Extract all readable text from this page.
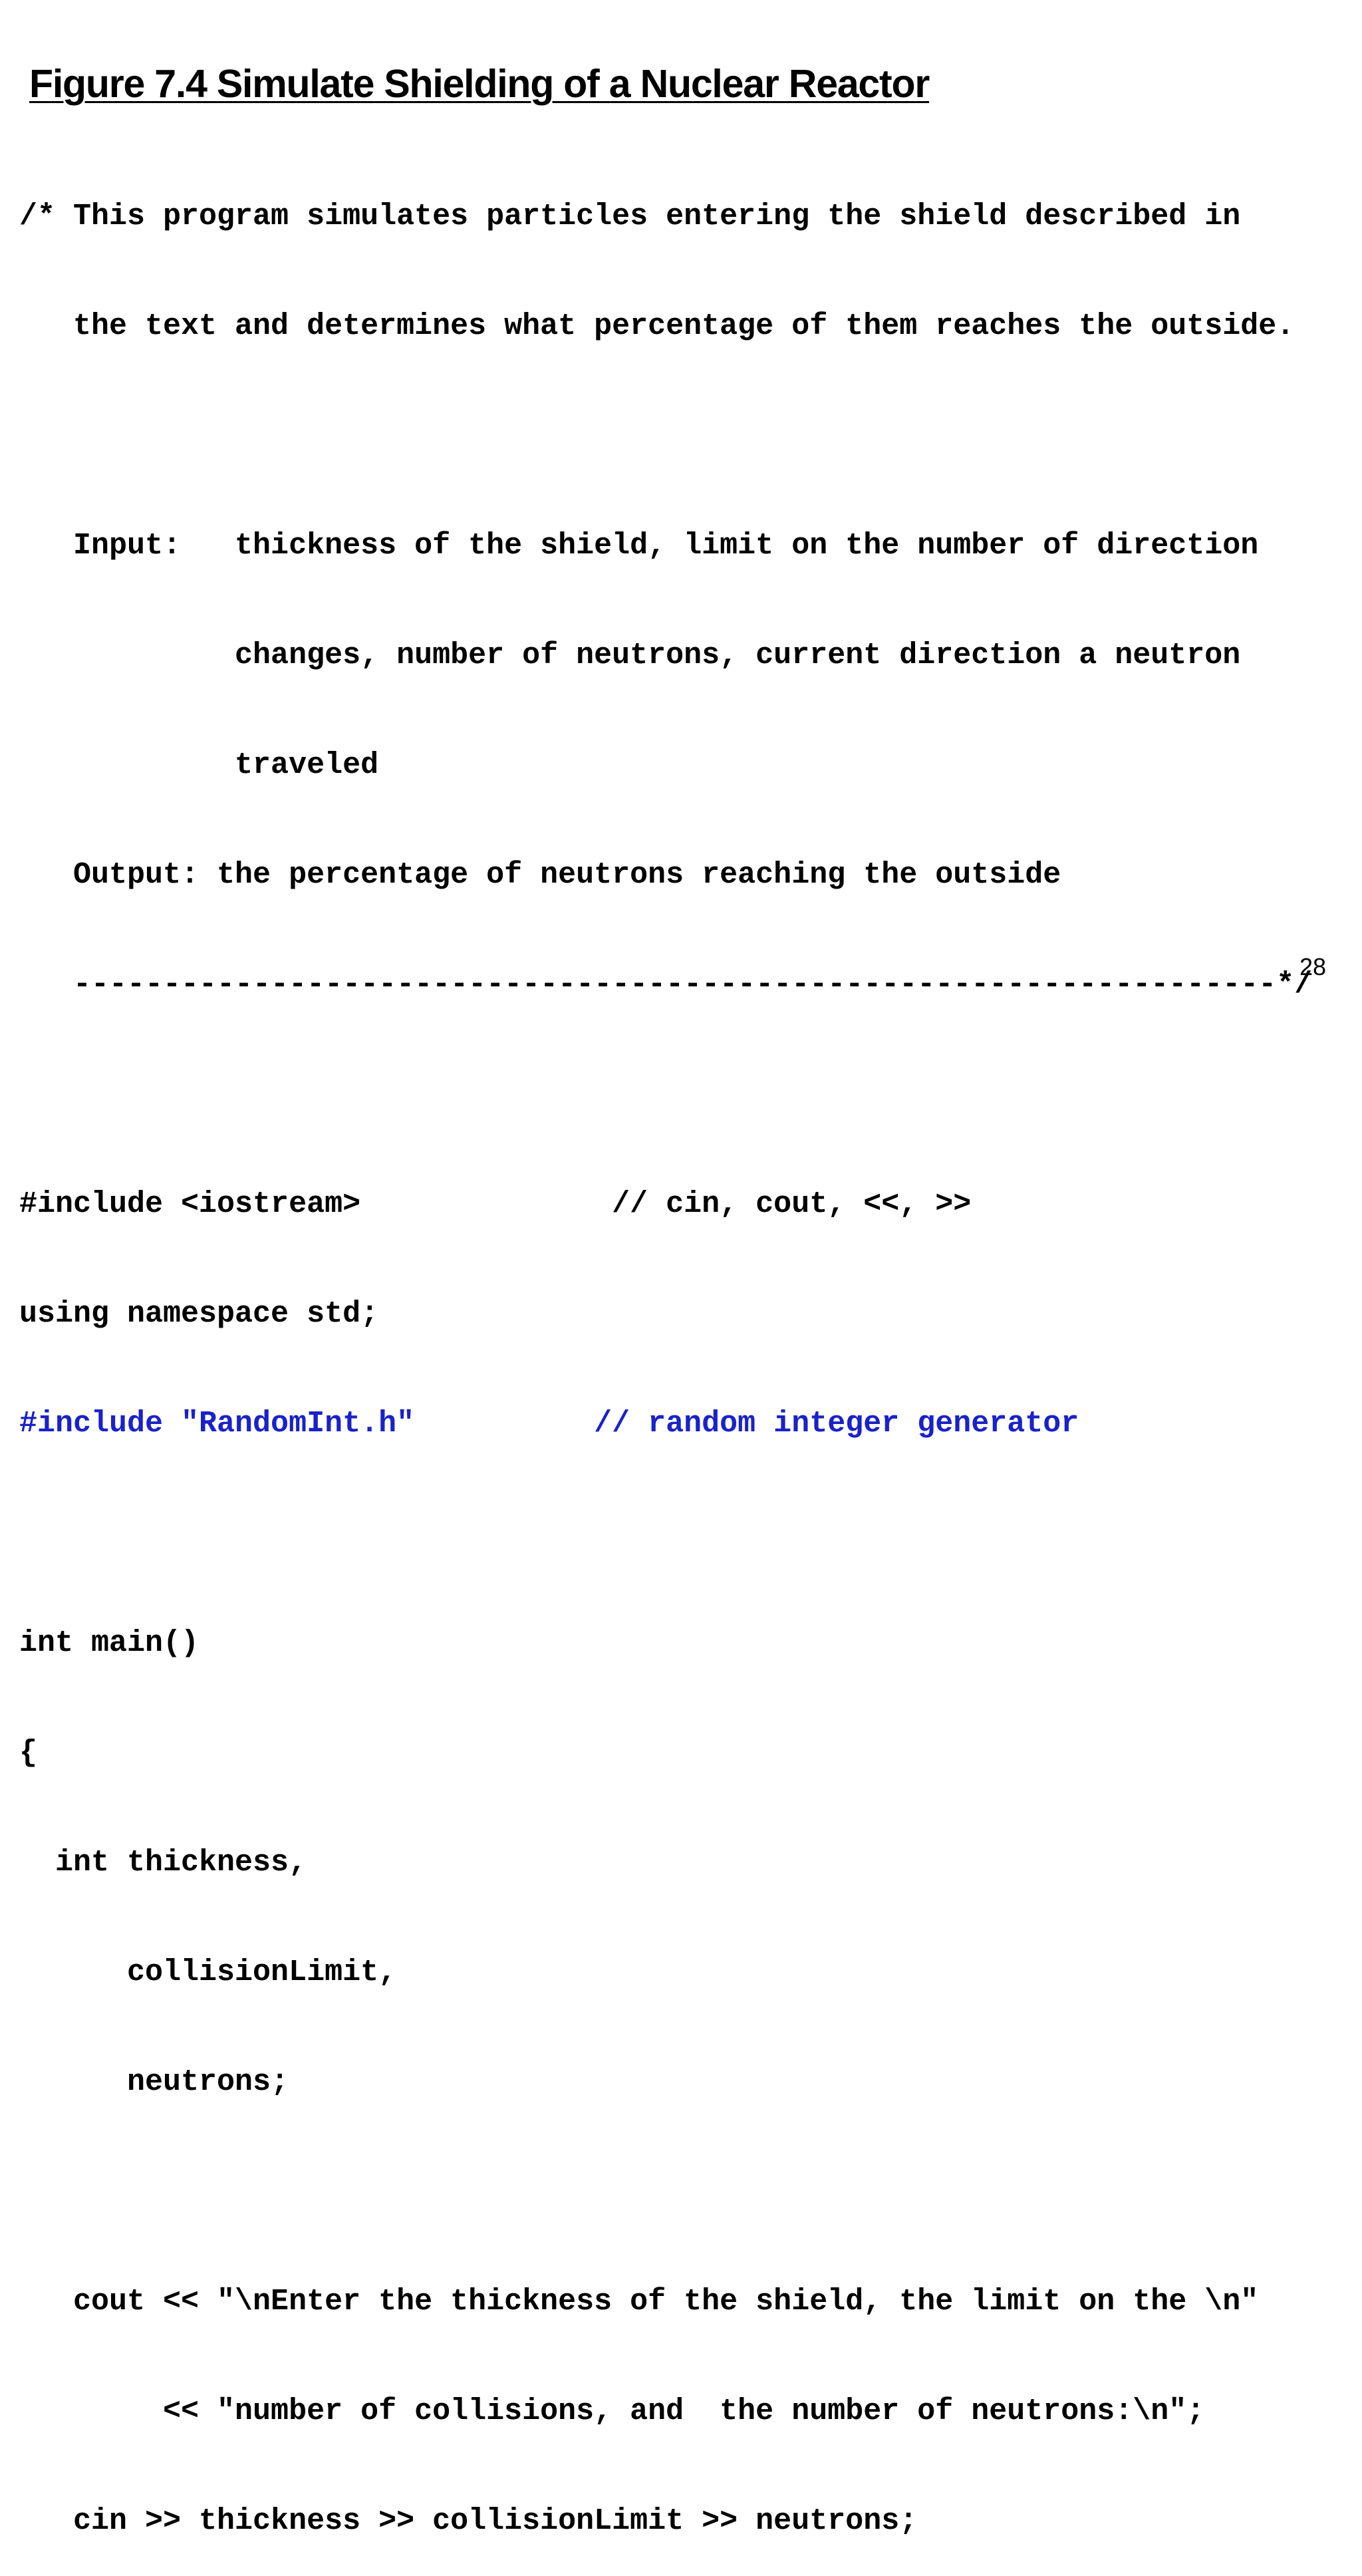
Figure 7.4 Simulate Shielding of a Nuclear Reactor

/* This program simulates particles entering the shield described in

the text and determines what percentage of them reaches the outside.

Input:   thickness of the shield, limit on the number of direction

changes, number of neutrons, current direction a neutron

traveled

Output: the percentage of neutrons reaching the outside

-------------------------------------------------------------------*/

#include <iostream>              // cin, cout, <<, >>

using namespace std;

#include "RandomInt.h"          // random integer generator

int main()

{

int thickness,

collisionLimit,

neutrons;

cout << "\nEnter the thickness of the shield, the limit on the \n"

<< "number of collisions, and  the number of neutrons:\n";

cin >> thickness >> collisionLimit >> neutrons;

28
